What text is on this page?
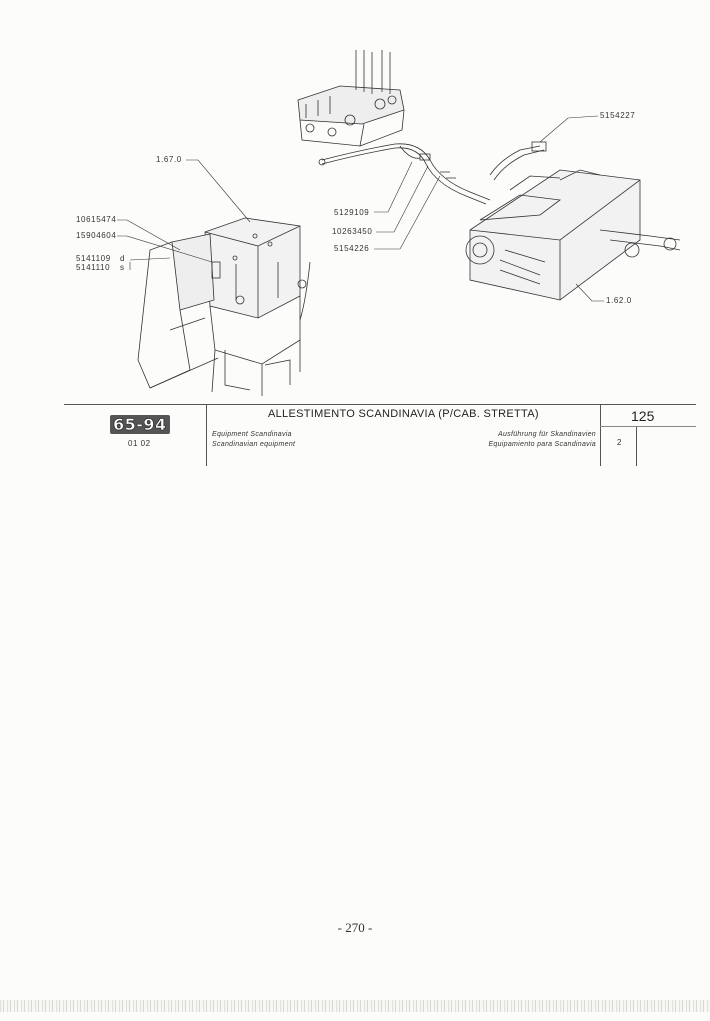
1.67.0
10615474
15904604
5141109 d
5141110 s
5154227
5129109
10263450
5154226
1.62.0
65-94
01 02
ALLESTIMENTO SCANDINAVIA (P/CAB. STRETTA)
Equipment Scandinavia
Scandinavian equipment
Ausführung für Skandinavien
Equipamiento para Scandinavia
125
2
- 270 -
